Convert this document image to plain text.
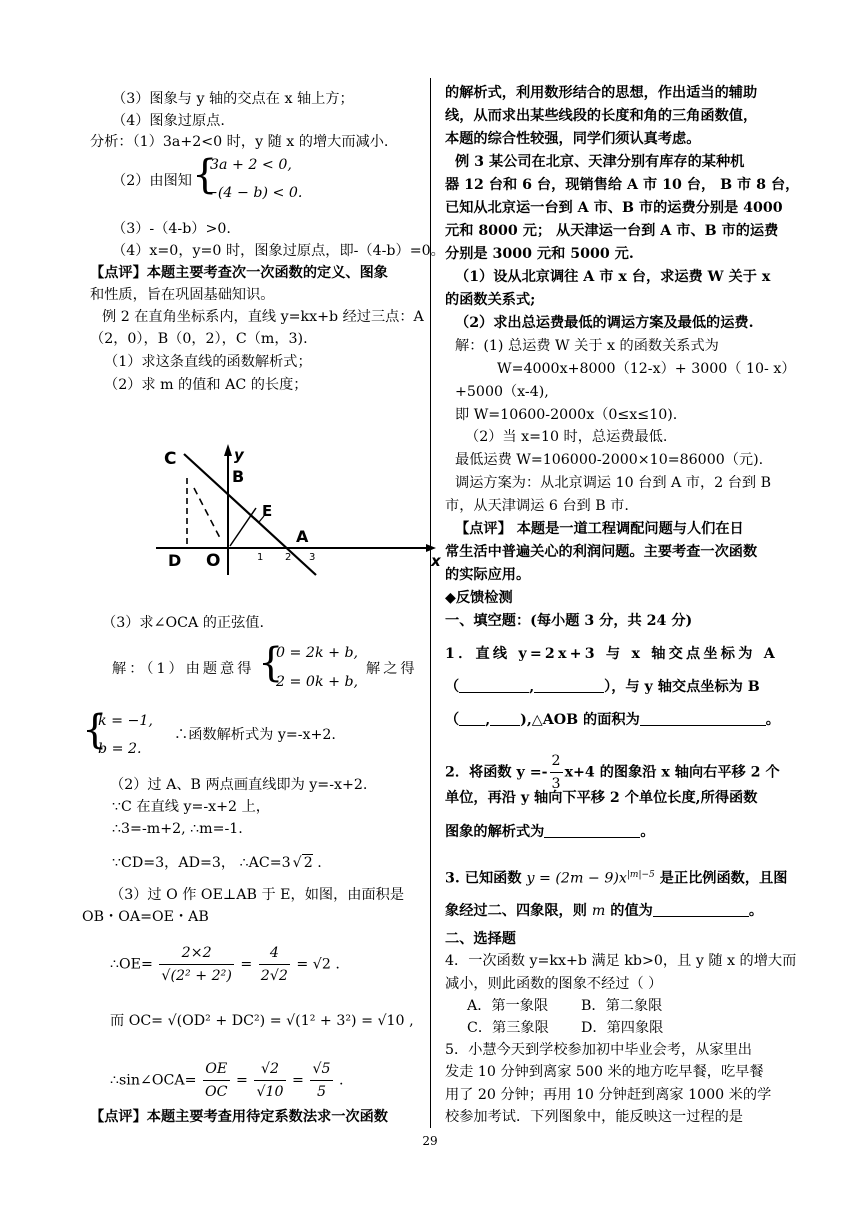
（3）图象与 y 轴的交点在 x 轴上方；
（4）图象过原点.
分析：（1）3a+2<0 时，y 随 x 的增大而减小.
（2）由图知 {
3a + 2 < 0,
−(4 − b) < 0.
（3）-（4-b）>0.
（4）x=0，y=0 时，图象过原点，即-（4-b）=0。
【点评】本题主要考查次一次函数的定义、图象
和性质，旨在巩固基础知识。
例 2 在直角坐标系内，直线 y=kx+b 经过三点：A
（2，0），B（0，2），C（m，3).
（1）求这条直线的函数解析式；
（2）求 m 的值和 AC 的长度；
C	y
B
E
A
D O	x
1 2 3
（3）求∠OCA 的正弦值.
解：（1）由题意得 {
0 = 2k + b,
2 = 0k + b,
解之得
{
k = −1,
b = 2.
∴函数解析式为 y=-x+2.
（2）过 A、B 两点画直线即为 y=-x+2.
∵C 在直线 y=-x+2 上，
∴3=-m+2, ∴m=-1.
∵CD=3，AD=3， ∴AC=3 √ 2 .
（3）过 O 作 OE⊥AB 于 E，如图，由面积是
OB・OA=OE・AB
∴OE= $\frac{2\times 2}{\text{√(2² + 2²)}} = \frac{4}{2√2} = √2$ .
而 OC= √(OD² + DC²) = √(1² + 3²) = √10 ,
∴sin∠OCA= $\frac{OE}{OC} = \frac{√2}{√10} = \frac{√5}{5}$ .
【点评】本题主要考查用待定系数法求一次函数
的解析式，利用数形结合的思想，作出适当的辅助
线，从而求出某些线段的长度和角的三角函数值，
本题的综合性较强，同学们须认真考虑。
例 3 某公司在北京、天津分别有库存的某种机
器 12 台和 6 台，现销售给 A 市 10 台， B 市 8 台，
已知从北京运一台到 A 市、B 市的运费分别是 4000
元和 8000 元； 从天津运一台到 A 市、B 市的运费
分别是 3000 元和 5000 元.
（1）设从北京调往 A 市 x 台，求运费 W 关于 x
的函数关系式;
（2）求出总运费最低的调运方案及最低的运费.
解：(1) 总运费 W 关于 x 的函数关系式为
W=4000x+8000（12-x）+ 3000（ 10- x）
+5000（x-4),
即 W=10600-2000x（0≤x≤10).
（2）当 x=10 时，总运费最低.
最低运费 W=106000-2000×10=86000（元).
调运方案为：从北京调运 10 台到 A 市，2 台到 B
市，从天津调运 6 台到 B 市.
【点评】 本题是一道工程调配问题与人们在日
常生活中普遍关心的利润问题。主要考查一次函数
的实际应用。
◆反馈检测
一、填空题：(每小题 3 分，共 24 分)
1．直线 y=2x+3 与 x 轴交点坐标为 A
（	,	），与 y 轴交点坐标为 B
（ , ),△AOB 的面积为	。
2．将函数 $y =- \frac{2}{3} x+4$ 的图象沿 x 轴向右平移 2 个
单位，再沿 y 轴向下平移 2 个单位长度,所得函数
图象的解析式为	。
3. 已知函数 $y = (2m - 9)x^{|m|-5}$ 是正比例函数，且图
象经过二、四象限，则 m 的值为	。
二、选择题
4．一次函数 y=kx+b 满足 kb>0，且 y 随 x 的增大而
减小，则此函数的图象不经过（ ）
A．第一象限 B．第二象限
C．第三象限 D．第四象限
5．小慧今天到学校参加初中毕业会考，从家里出
发走 10 分钟到离家 500 米的地方吃早餐，吃早餐
用了 20 分钟；再用 10 分钟赶到离家 1000 米的学
校参加考试．下列图象中，能反映这一过程的是
29
